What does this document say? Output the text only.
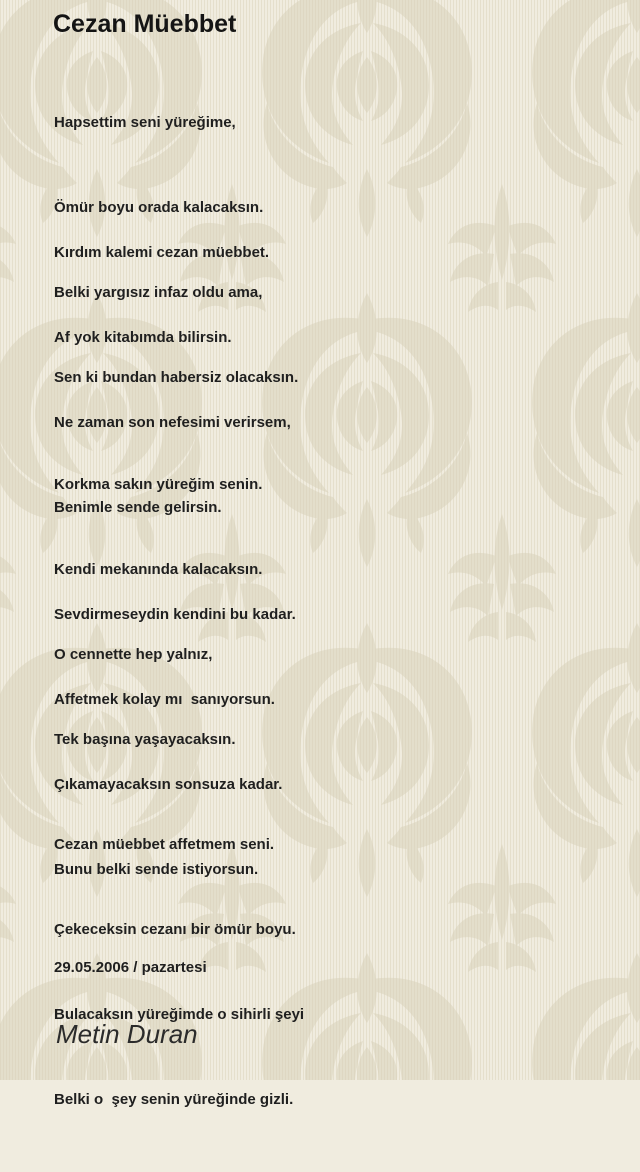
Cezan Müebbet

Hapsettim seni yüreğime,

Ömür boyu orada kalacaksın.

Belki yargısız infaz oldu ama,

Sen ki bundan habersiz olacaksın.

Kırdım kalemi cezan müebbet.

Af yok kitabımda bilirsin.

Ne zaman son nefesimi verirsem,

Benimle sende gelirsin.

Korkma sakın yüreğim senin.

Kendi mekanında kalacaksın.

O cennette hep yalnız,

Tek başına yaşayacaksın.

Sevdirmeseydin kendini bu kadar.

Affetmek kolay mı  sanıyorsun.

Çıkamayacaksın sonsuza kadar.

Bunu belki sende istiyorsun.

Cezan müebbet affetmem seni.

Çekeceksin cezanı bir ömür boyu.

Bulacaksın yüreğimde o sihirli şeyi

Belki o  şey senin yüreğinde gizli.

29.05.2006 / pazartesi
Metin Duran
